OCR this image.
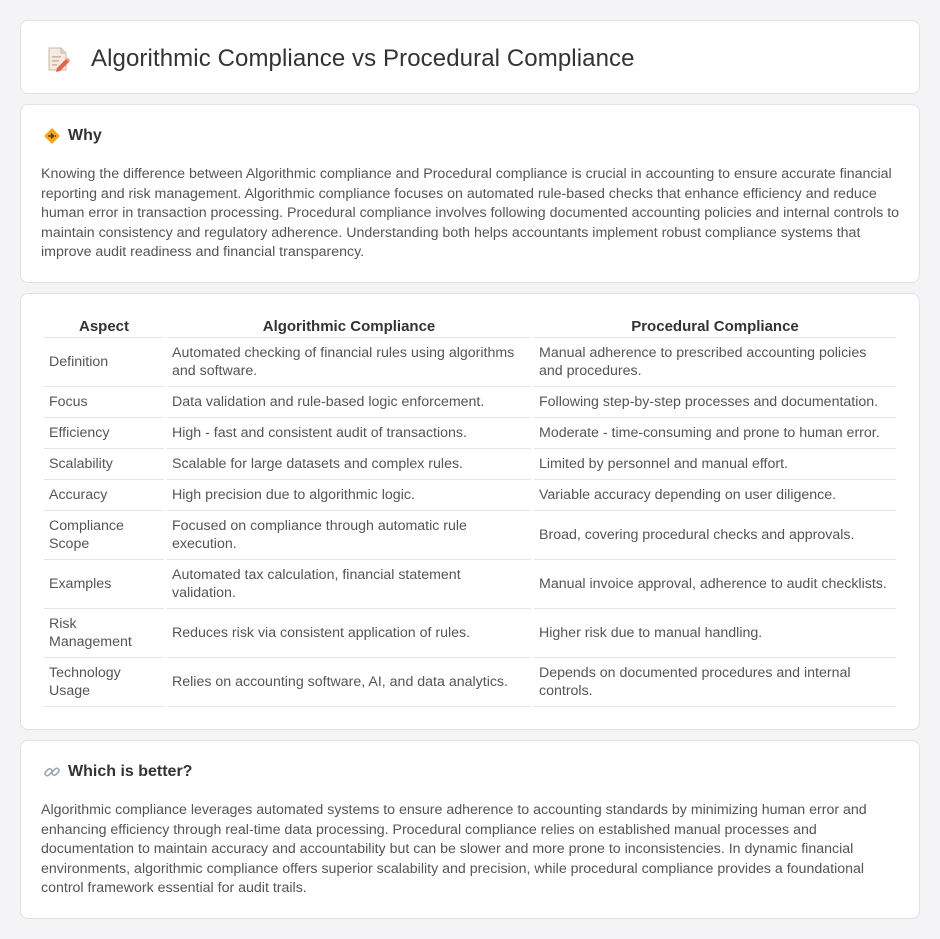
Algorithmic Compliance vs Procedural Compliance
Why

Knowing the difference between Algorithmic compliance and Procedural compliance is crucial in accounting to ensure accurate financial reporting and risk management. Algorithmic compliance focuses on automated rule-based checks that enhance efficiency and reduce human error in transaction processing. Procedural compliance involves following documented accounting policies and internal controls to maintain consistency and regulatory adherence. Understanding both helps accountants implement robust compliance systems that improve audit readiness and financial transparency.

Aspect	Algorithmic Compliance	Procedural Compliance
Definition	Automated checking of financial rules using algorithms and software.	Manual adherence to prescribed accounting policies and procedures.
Focus	Data validation and rule-based logic enforcement.	Following step-by-step processes and documentation.
Efficiency	High - fast and consistent audit of transactions.	Moderate - time-consuming and prone to human error.
Scalability	Scalable for large datasets and complex rules.	Limited by personnel and manual effort.
Accuracy	High precision due to algorithmic logic.	Variable accuracy depending on user diligence.
Compliance Scope	Focused on compliance through automatic rule execution.	Broad, covering procedural checks and approvals.
Examples	Automated tax calculation, financial statement validation.	Manual invoice approval, adherence to audit checklists.
Risk Management	Reduces risk via consistent application of rules.	Higher risk due to manual handling.
Technology Usage	Relies on accounting software, AI, and data analytics.	Depends on documented procedures and internal controls.
Which is better?

Algorithmic compliance leverages automated systems to ensure adherence to accounting standards by minimizing human error and enhancing efficiency through real-time data processing. Procedural compliance relies on established manual processes and documentation to maintain accuracy and accountability but can be slower and more prone to inconsistencies. In dynamic financial environments, algorithmic compliance offers superior scalability and precision, while procedural compliance provides a foundational control framework essential for audit trails.
